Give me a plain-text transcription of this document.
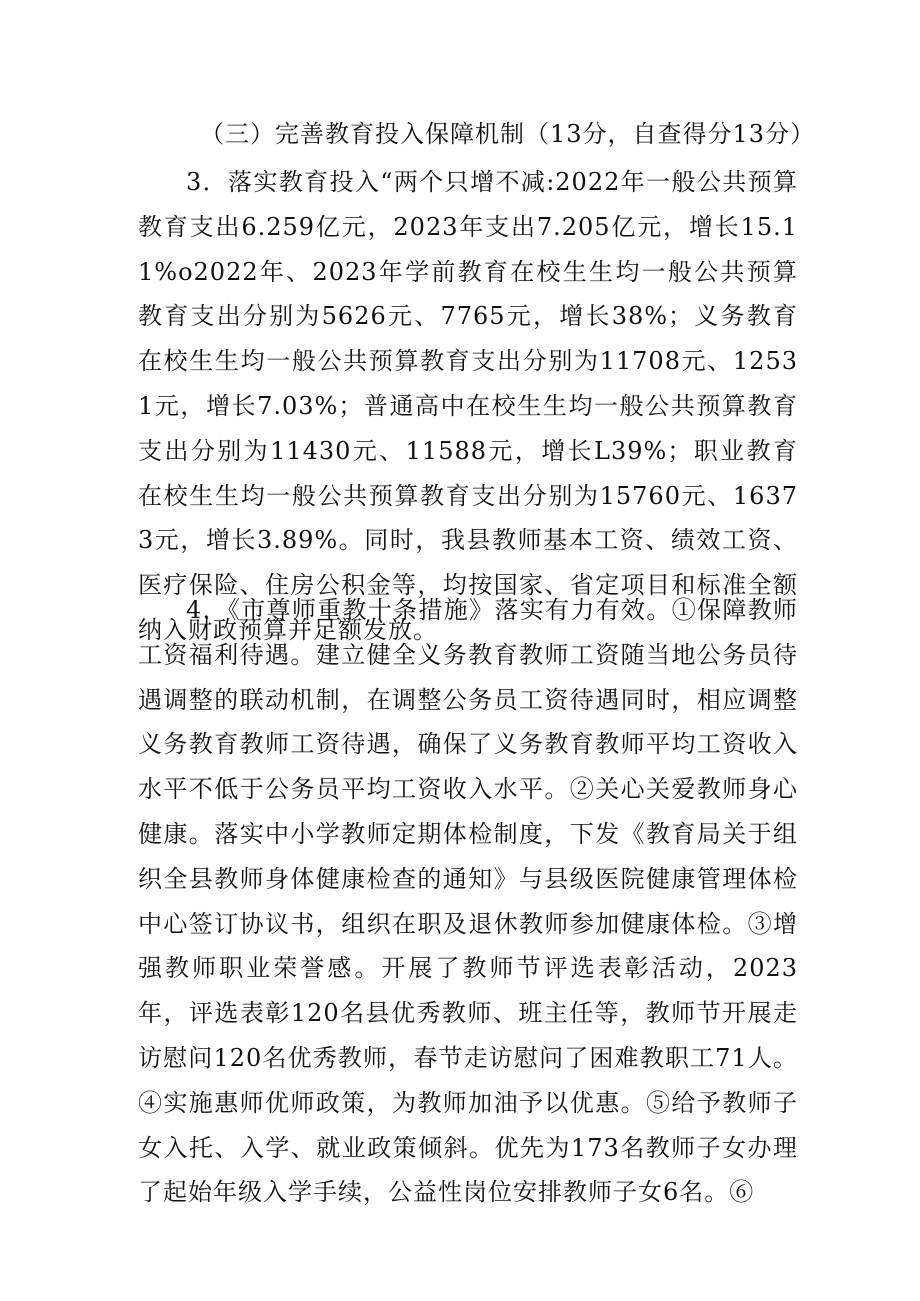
（三）完善教育投入保障机制（13分，自查得分13分）

3．落实教育投入“两个只增不减:2022年一般公共预算教育支出6.259亿元，2023年支出7.205亿元，增长15.11%o2022年、2023年学前教育在校生生均一般公共预算教育支出分别为5626元、7765元，增长38%；义务教育在校生生均一般公共预算教育支出分别为11708元、12531元，增长7.03%；普通高中在校生生均一般公共预算教育支出分别为11430元、11588元，增长L39%；职业教育在校生生均一般公共预算教育支出分别为15760元、16373元，增长3.89%。同时，我县教师基本工资、绩效工资、医疗保险、住房公积金等，均按国家、省定项目和标准全额纳入财政预算并足额发放。

4．《市尊师重教十条措施》落实有力有效。①保障教师工资福利待遇。建立健全义务教育教师工资随当地公务员待遇调整的联动机制，在调整公务员工资待遇同时，相应调整义务教育教师工资待遇，确保了义务教育教师平均工资收入水平不低于公务员平均工资收入水平。②关心关爱教师身心健康。落实中小学教师定期体检制度，下发《教育局关于组织全县教师身体健康检查的通知》与县级医院健康管理体检中心签订协议书，组织在职及退休教师参加健康体检。③增强教师职业荣誉感。开展了教师节评选表彰活动，2023年，评选表彰120名县优秀教师、班主任等，教师节开展走访慰问120名优秀教师，春节走访慰问了困难教职工71人。④实施惠师优师政策，为教师加油予以优惠。⑤给予教师子女入托、入学、就业政策倾斜。优先为173名教师子女办理了起始年级入学手续，公益性岗位安排教师子女6名。⑥
